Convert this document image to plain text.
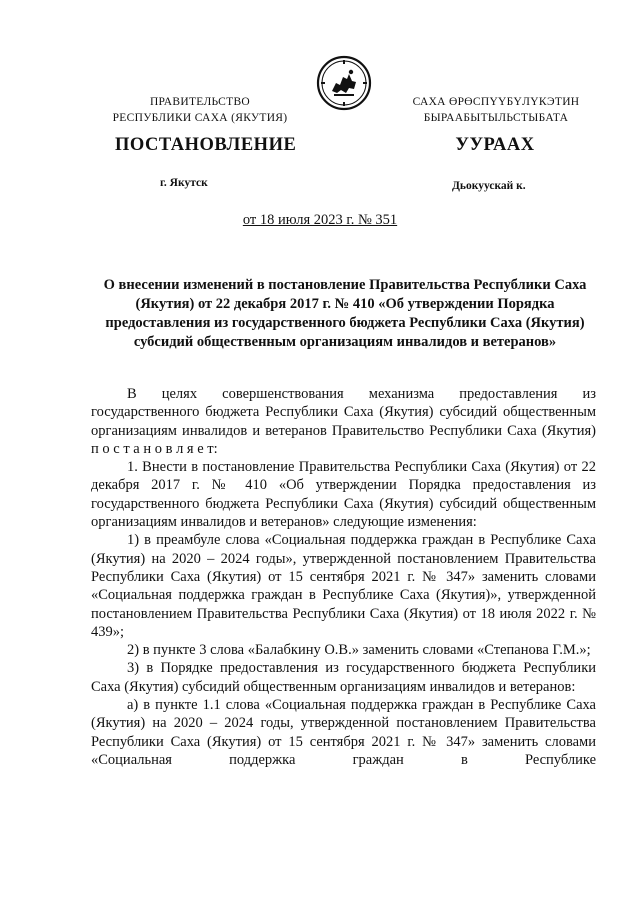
ПРАВИТЕЛЬСТВО
РЕСПУБЛИКИ САХА (ЯКУТИЯ)
САХА ӨРӨСПҮҮБҮЛҮКЭТИН
БЫРААБЫТЫЛЬСТЫБАТА
ПОСТАНОВЛЕНИЕ	УУРААХ
г. Якутск	Дьокуускай к.
от 18 июля 2023 г. № 351
О внесении изменений в постановление Правительства Республики Саха (Якутия) от 22 декабря 2017 г. № 410 «Об утверждении Порядка предоставления из государственного бюджета Республики Саха (Якутия) субсидий общественным организациям инвалидов и ветеранов»

В целях совершенствования механизма предоставления из государственного бюджета Республики Саха (Якутия) субсидий общественным организациям инвалидов и ветеранов Правительство Республики Саха (Якутия) п о с т а н о в л я е т:

1. Внести в постановление Правительства Республики Саха (Якутия) от 22 декабря 2017 г. № 410 «Об утверждении Порядка предоставления из государственного бюджета Республики Саха (Якутия) субсидий общественным организациям инвалидов и ветеранов» следующие изменения:

1) в преамбуле слова «Социальная поддержка граждан в Республике Саха (Якутия) на 2020 – 2024 годы», утвержденной постановлением Правительства Республики Саха (Якутия) от 15 сентября 2021 г. № 347» заменить словами «Социальная поддержка граждан в Республике Саха (Якутия)», утвержденной постановлением Правительства Республики Саха (Якутия) от 18 июля 2022 г. № 439»;

2) в пункте 3 слова «Балабкину О.В.» заменить словами «Степанова Г.М.»;

3) в Порядке предоставления из государственного бюджета Республики Саха (Якутия) субсидий общественным организациям инвалидов и ветеранов:

а) в пункте 1.1 слова «Социальная поддержка граждан в Республике Саха (Якутия) на 2020 – 2024 годы, утвержденной постановлением Правительства Республики Саха (Якутия) от 15 сентября 2021 г. № 347» заменить словами «Социальная поддержка граждан в Республике
